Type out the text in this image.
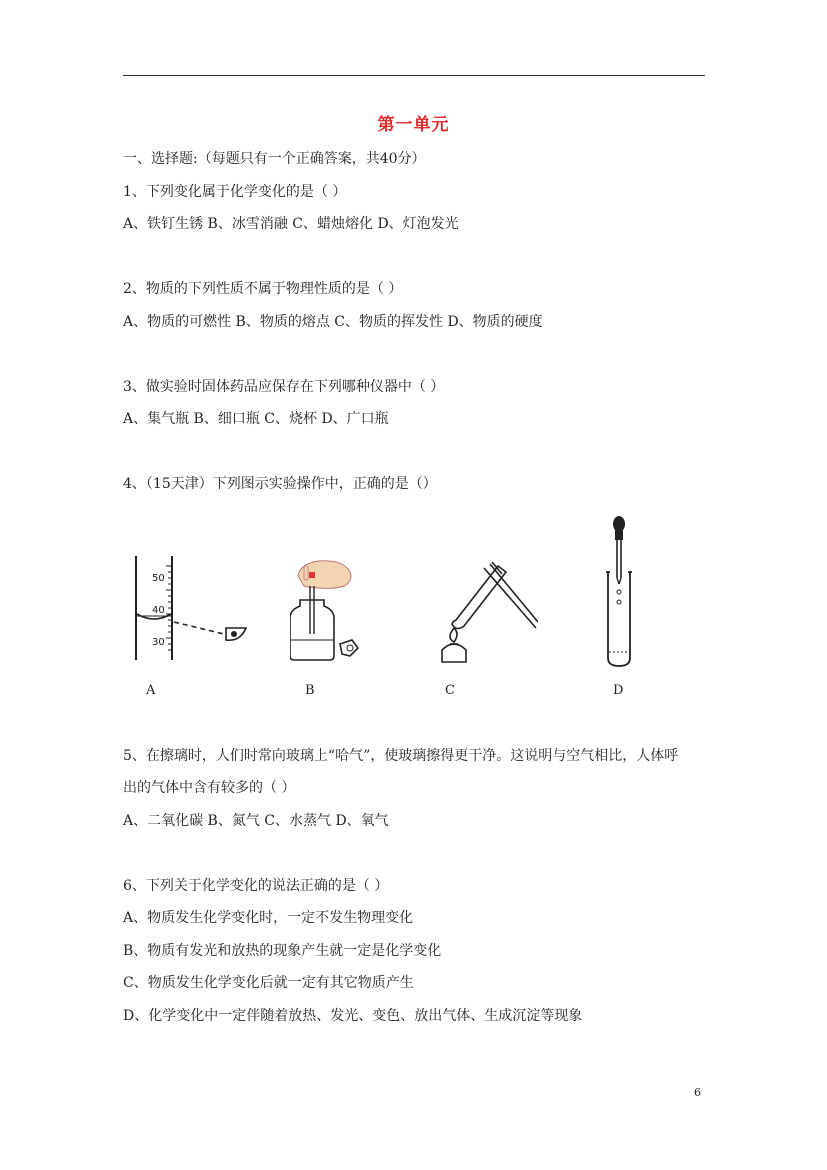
第一单元
一、选择题:（每题只有一个正确答案，共40分）
1、下列变化属于化学变化的是（ ）
A、铁钉生锈 B、冰雪消融 C、蜡烛熔化 D、灯泡发光
2、物质的下列性质不属于物理性质的是（ ）
A、物质的可燃性 B、物质的熔点 C、物质的挥发性 D、物质的硬度
3、做实验时固体药品应保存在下列哪种仪器中（ ）
A、集气瓶 B、细口瓶 C、烧杯 D、广口瓶
4、（15天津）下列图示实验操作中，正确的是（）
50
40
30
A	B	C	D
5、在擦璃时，人们时常向玻璃上“哈气”，使玻璃擦得更干净。这说明与空气相比，人体呼
出的气体中含有较多的（ ）
A、二氧化碳 B、氮气 C、水蒸气 D、氧气
6、下列关于化学变化的说法正确的是（ ）
A、物质发生化学变化时，一定不发生物理变化
B、物质有发光和放热的现象产生就一定是化学变化
C、物质发生化学变化后就一定有其它物质产生
D、化学变化中一定伴随着放热、发光、变色、放出气体、生成沉淀等现象
6
